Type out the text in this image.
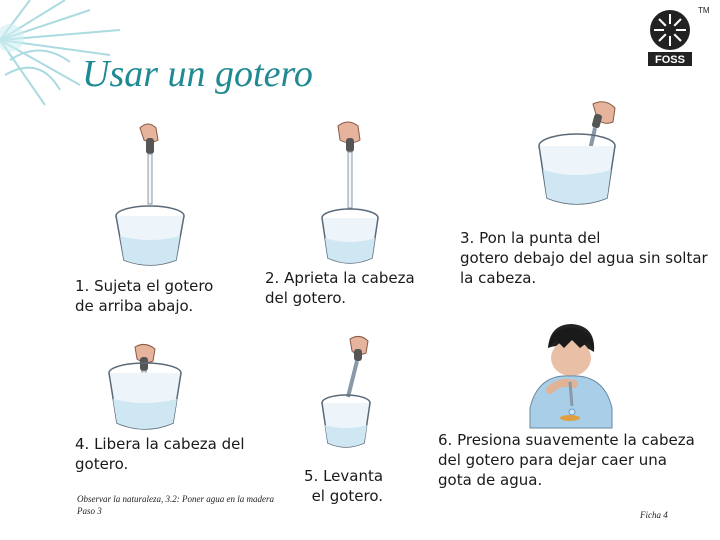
Usar un gotero	FOSS
TM
1. Sujeta el gotero
de arriba abajo.
2. Aprieta la cabeza
del gotero.
3. Pon la punta del
gotero debajo del agua sin soltar
la cabeza.
4. Libera la cabeza del
gotero.
5. Levanta
el gotero.
6. Presiona suavemente la cabeza
del gotero para dejar caer una
gota de agua.
Observar la naturaleza, 3.2: Poner agua en la madera
Paso 3	Ficha 4
